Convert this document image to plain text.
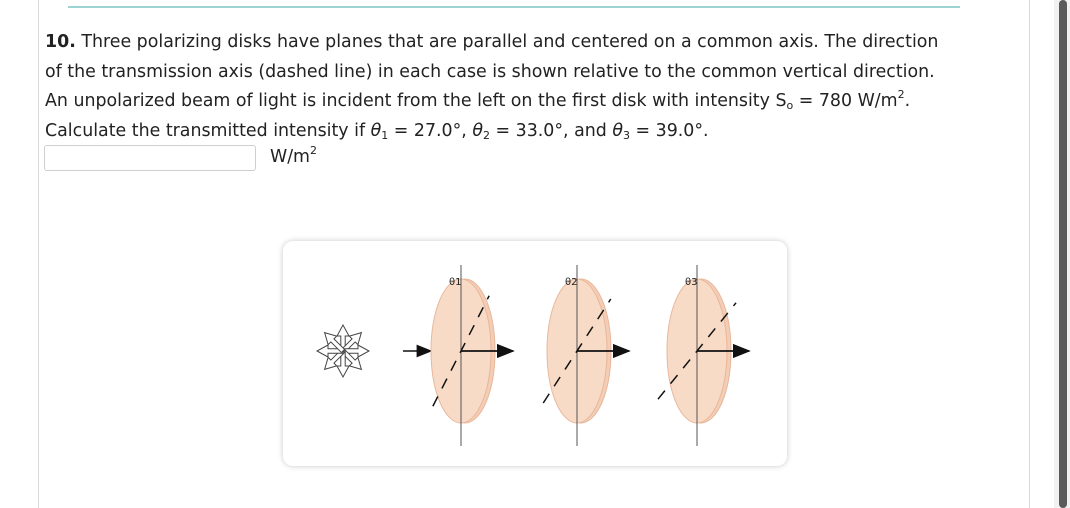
10. Three polarizing disks have planes that are parallel and centered on a common axis. The direction

of the transmission axis (dashed line) in each case is shown relative to the common vertical direction.

An unpolarized beam of light is incident from the left on the first disk with intensity $S_o = 780$ $W/m^2$.

Calculate the transmitted intensity if $\theta_1 = 27.0^\circ$, $\theta_2 = 33.0^\circ$, and $\theta_3 = 39.0^\circ$.

$W/m^2$
θ1	θ2	θ3
